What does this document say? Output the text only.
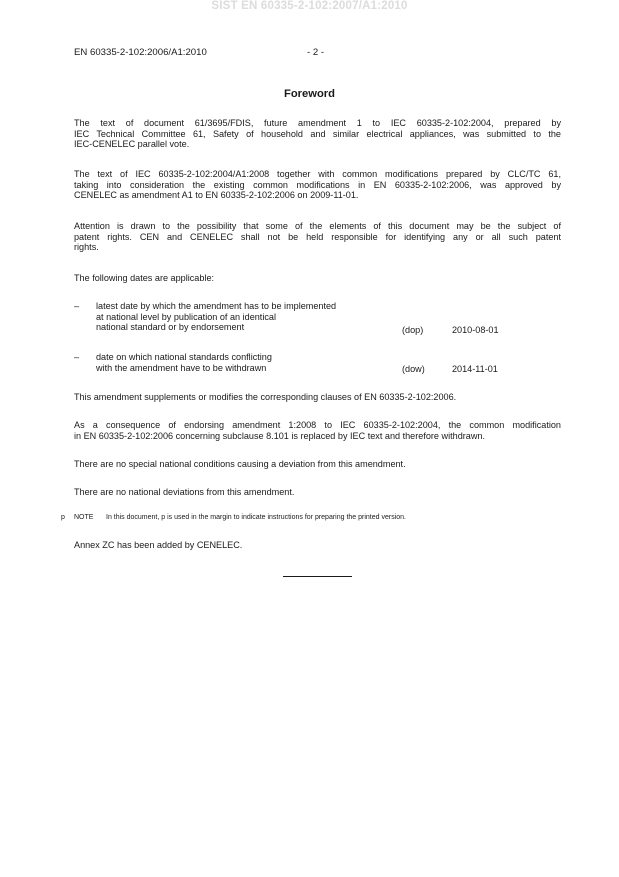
SIST EN 60335-2-102:2007/A1:2010
EN 60335-2-102:2006/A1:2010	- 2 -
Foreword
The text of document 61/3695/FDIS, future amendment 1 to IEC 60335-2-102:2004, prepared by
IEC Technical Committee 61, Safety of household and similar electrical appliances, was submitted to the
IEC-CENELEC parallel vote.
The text of IEC 60335-2-102:2004/A1:2008 together with common modifications prepared by CLC/TC 61,
taking into consideration the existing common modifications in EN 60335-2-102:2006, was approved by
CENELEC as amendment A1 to EN 60335-2-102:2006 on 2009-11-01.
Attention is drawn to the possibility that some of the elements of this document may be the subject of
patent rights. CEN and CENELEC shall not be held responsible for identifying any or all such patent
rights.
The following dates are applicable:
– latest date by which the amendment has to be implemented
at national level by publication of an identical
national standard or by endorsement	(dop)	2010-08-01
– date on which national standards conflicting
with the amendment have to be withdrawn	(dow)	2014-11-01
This amendment supplements or modifies the corresponding clauses of EN 60335-2-102:2006.
As a consequence of endorsing amendment 1:2008 to IEC 60335-2-102:2004, the common modification
in EN 60335-2-102:2006 concerning subclause 8.101 is replaced by IEC text and therefore withdrawn.
There are no special national conditions causing a deviation from this amendment.
There are no national deviations from this amendment.
p NOTE In this document, p is used in the margin to indicate instructions for preparing the printed version.
Annex ZC has been added by CENELEC.
